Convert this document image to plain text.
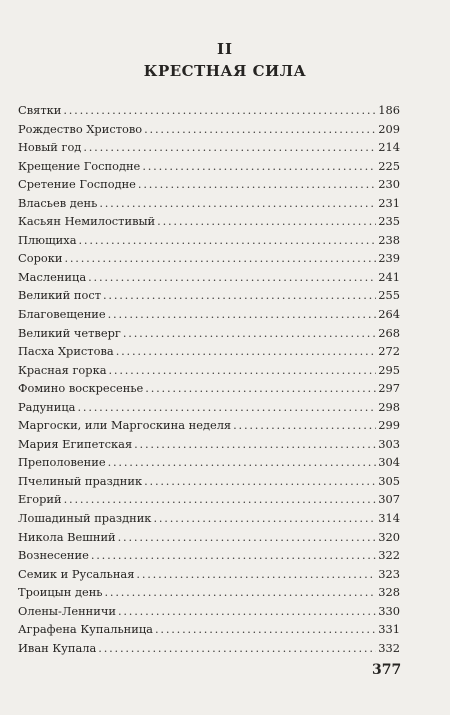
II
КРЕСТНАЯ СИЛА
Святки .....	186
Рождество Христово .....	209
Новый год .....	214
Крещение Господне .....	225
Сретение Господне .....	230
Власьев день .....	231
Касьян Немилостивый .....	235
Плющиха .....	238
Сороки .....	239
Масленица .....	241
Великий пост .....	255
Благовещение .....	264
Великий четверг .....	268
Пасха Христова .....	272
Красная горка .....	295
Фомино воскресенье .....	297
Радуница .....	298
Маргоски, или Маргоскина неделя .....	299
Мария Египетская .....	303
Преполовение .....	304
Пчелиный праздник .....	305
Егорий .....	307
Лошадиный праздник .....	314
Никола Вешний .....	320
Вознесение .....	322
Семик и Русальная .....	323
Троицын день .....	328
Олены-Ленничи .....	330
Аграфена Купальница .....	331
Иван Купала .....	332
377
